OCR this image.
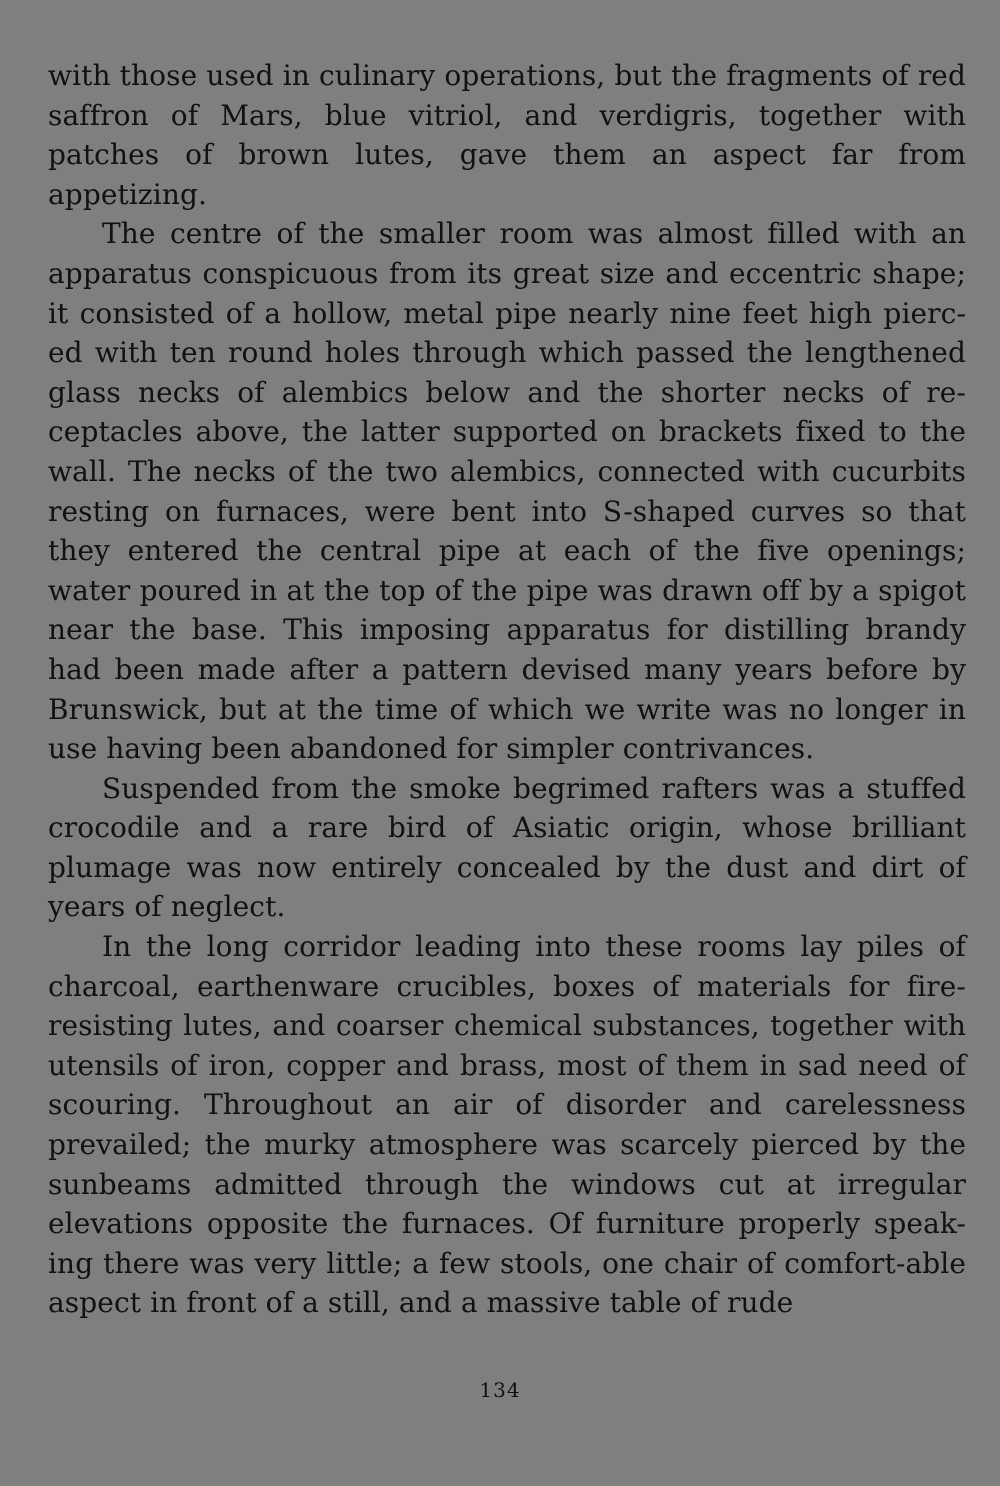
with those used in culinary operations, but the fragments of red saffron of Mars, blue vitriol, and verdigris, together with patches of brown lutes, gave them an aspect far from appetizing.

The centre of the smaller room was almost filled with an apparatus conspicuous from its great size and eccentric shape; it consisted of a hollow, metal pipe nearly nine feet high pierc-ed with ten round holes through which passed the lengthened glass necks of alembics below and the shorter necks of re-ceptacles above, the latter supported on brackets fixed to the wall. The necks of the two alembics, connected with cucurbits resting on furnaces, were bent into S-shaped curves so that they entered the central pipe at each of the five openings; water poured in at the top of the pipe was drawn off by a spigot near the base. This imposing apparatus for distilling brandy had been made after a pattern devised many years before by Brunswick, but at the time of which we write was no longer in use having been abandoned for simpler contrivances.

Suspended from the smoke begrimed rafters was a stuffed crocodile and a rare bird of Asiatic origin, whose brilliant plumage was now entirely concealed by the dust and dirt of years of neglect.

In the long corridor leading into these rooms lay piles of charcoal, earthenware crucibles, boxes of materials for fire-resisting lutes, and coarser chemical substances, together with utensils of iron, copper and brass, most of them in sad need of scouring. Throughout an air of disorder and carelessness prevailed; the murky atmosphere was scarcely pierced by the sunbeams admitted through the windows cut at irregular elevations opposite the furnaces. Of furniture properly speak-ing there was very little; a few stools, one chair of comfort-able aspect in front of a still, and a massive table of rude

134
